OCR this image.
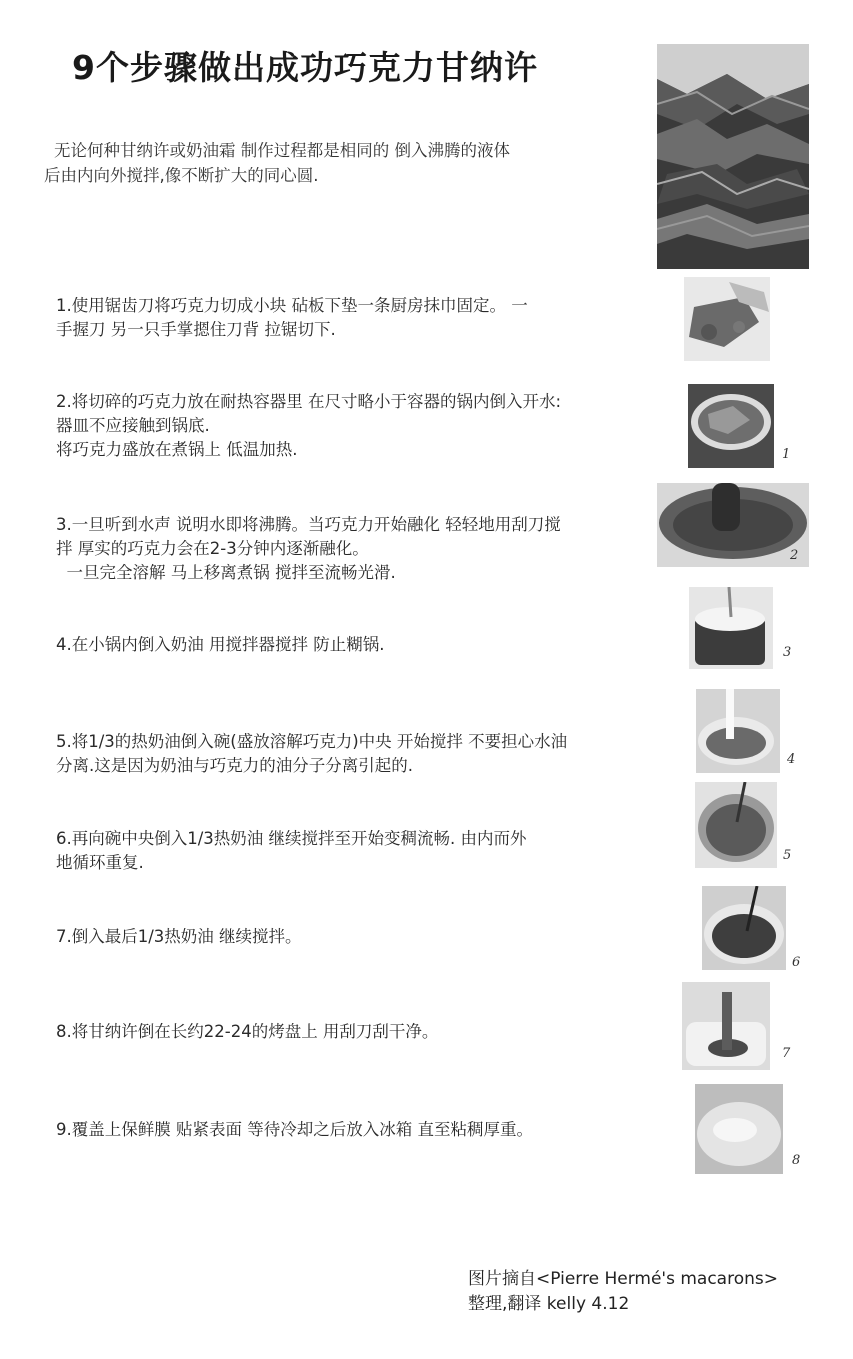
9个步骤做出成功巧克力甘纳许
无论何种甘纳许或奶油霜 制作过程都是相同的 倒入沸腾的液体
后由内向外搅拌,像不断扩大的同心圆.
1.使用锯齿刀将巧克力切成小块 砧板下垫一条厨房抹巾固定。 一
手握刀 另一只手掌摁住刀背 拉锯切下.
2.将切碎的巧克力放在耐热容器里 在尺寸略小于容器的锅内倒入开水:
器皿不应接触到锅底.
将巧克力盛放在煮锅上 低温加热.
3.一旦听到水声 说明水即将沸腾。当巧克力开始融化 轻轻地用刮刀搅
拌 厚实的巧克力会在2-3分钟内逐渐融化。
一旦完全溶解 马上移离煮锅 搅拌至流畅光滑.
4.在小锅内倒入奶油 用搅拌器搅拌 防止糊锅.
5.将1/3的热奶油倒入碗(盛放溶解巧克力)中央 开始搅拌 不要担心水油
分离.这是因为奶油与巧克力的油分子分离引起的.
6.再向碗中央倒入1/3热奶油 继续搅拌至开始变稠流畅. 由内而外
地循环重复.
7.倒入最后1/3热奶油 继续搅拌。
8.将甘纳许倒在长约22-24的烤盘上 用刮刀刮干净。
9.覆盖上保鲜膜 贴紧表面 等待冷却之后放入冰箱 直至粘稠厚重。
1
2
3
4
5
6
7
8
图片摘自<Pierre Hermé's macarons>
整理,翻译 kelly 4.12
